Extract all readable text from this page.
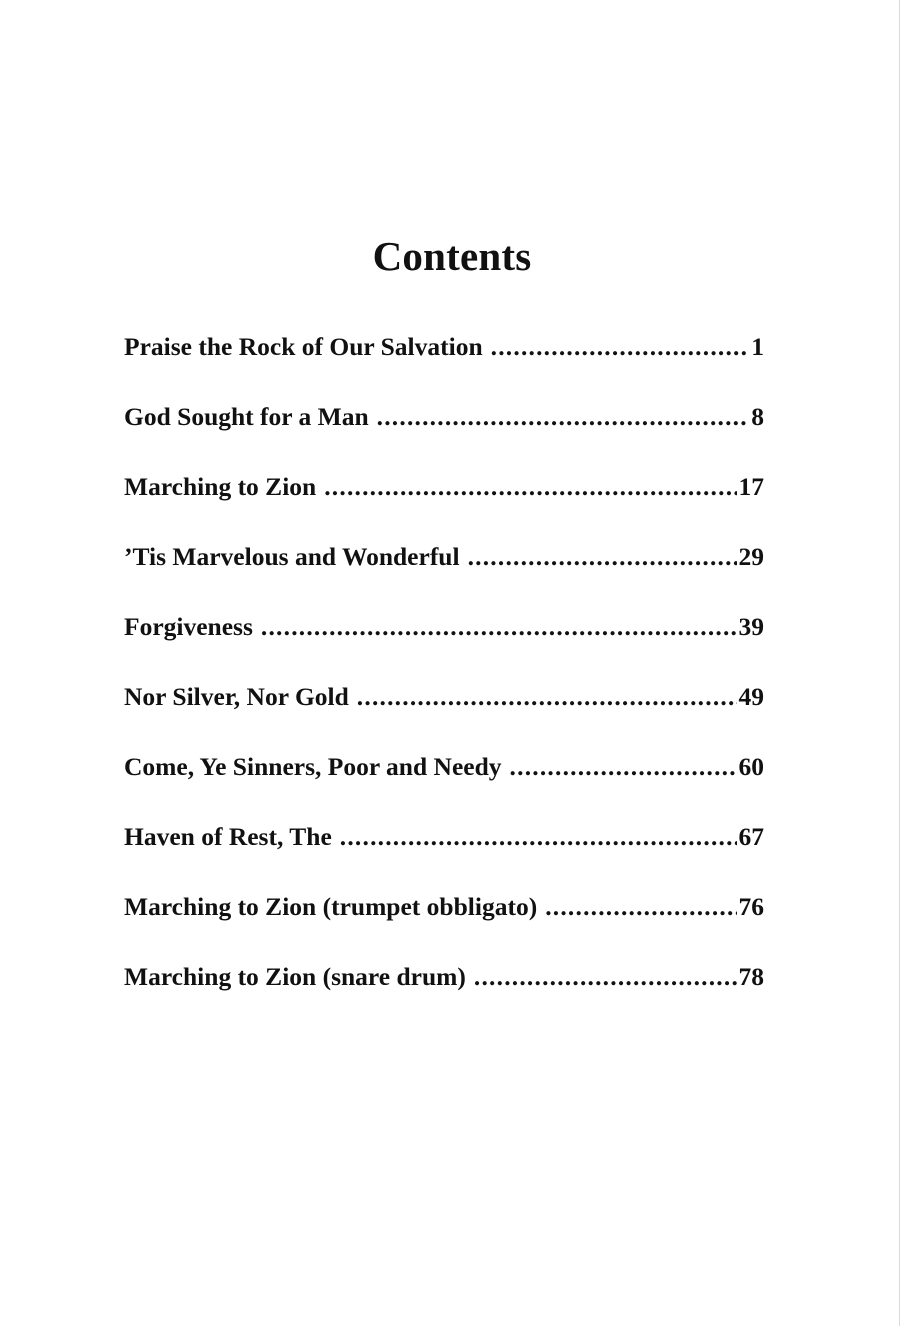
Contents
Praise the Rock of Our Salvation .....	1
God Sought for a Man .....	8
Marching to Zion .....	17
’Tis Marvelous and Wonderful .....	29
Forgiveness .....	39
Nor Silver, Nor Gold .....	49
Come, Ye Sinners, Poor and Needy .....	60
Haven of Rest, The .....	67
Marching to Zion (trumpet obbligato) .....	76
Marching to Zion (snare drum) .....	78
